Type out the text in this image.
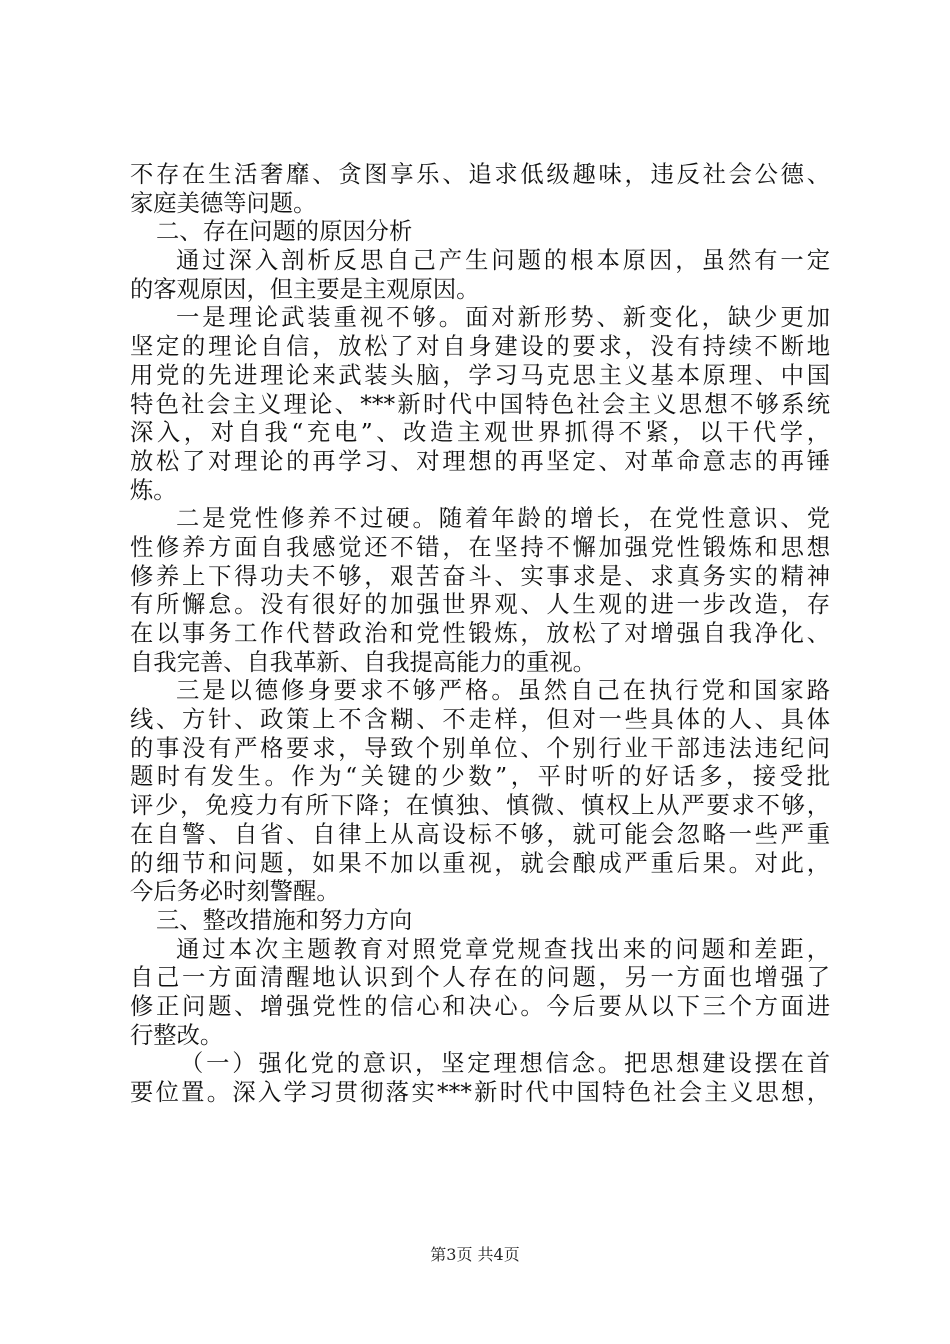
不存在生活奢靡、贪图享乐、追求低级趣味，违反社会公德、
家庭美德等问题。
二、存在问题的原因分析
通过深入剖析反思自己产生问题的根本原因，虽然有一定
的客观原因，但主要是主观原因。
一是理论武装重视不够。面对新形势、新变化，缺少更加
坚定的理论自信，放松了对自身建设的要求，没有持续不断地
用党的先进理论来武装头脑，学习马克思主义基本原理、中国
特色社会主义理论、***新时代中国特色社会主义思想不够系统
深入，对自我“充电”、改造主观世界抓得不紧，以干代学，
放松了对理论的再学习、对理想的再坚定、对革命意志的再锤
炼。
二是党性修养不过硬。随着年龄的增长，在党性意识、党
性修养方面自我感觉还不错，在坚持不懈加强党性锻炼和思想
修养上下得功夫不够，艰苦奋斗、实事求是、求真务实的精神
有所懈怠。没有很好的加强世界观、人生观的进一步改造，存
在以事务工作代替政治和党性锻炼，放松了对增强自我净化、
自我完善、自我革新、自我提高能力的重视。
三是以德修身要求不够严格。虽然自己在执行党和国家路
线、方针、政策上不含糊、不走样，但对一些具体的人、具体
的事没有严格要求，导致个别单位、个别行业干部违法违纪问
题时有发生。作为“关键的少数”，平时听的好话多，接受批
评少，免疫力有所下降；在慎独、慎微、慎权上从严要求不够，
在自警、自省、自律上从高设标不够，就可能会忽略一些严重
的细节和问题，如果不加以重视，就会酿成严重后果。对此，
今后务必时刻警醒。
三、整改措施和努力方向
通过本次主题教育对照党章党规查找出来的问题和差距，
自己一方面清醒地认识到个人存在的问题，另一方面也增强了
修正问题、增强党性的信心和决心。今后要从以下三个方面进
行整改。
（一）强化党的意识，坚定理想信念。把思想建设摆在首
要位置。深入学习贯彻落实***新时代中国特色社会主义思想，
第3页 共4页
